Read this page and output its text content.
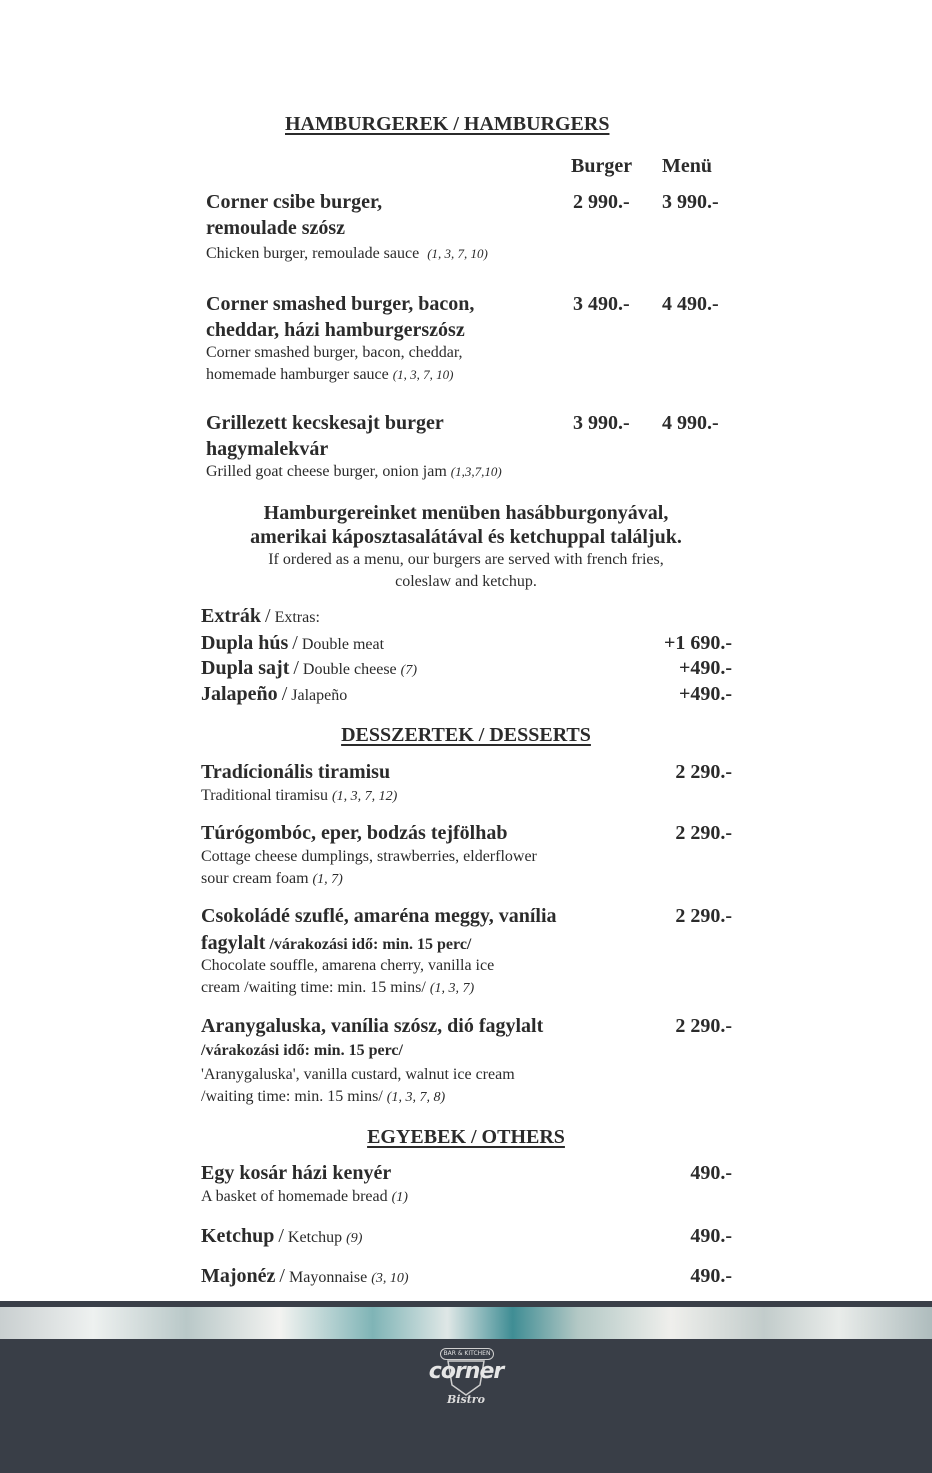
HAMBURGEREK / HAMBURGERS
Burger Menü
Corner csibe burger,
remoulade szósz
Chicken burger, remoulade sauce (1, 3, 7, 10)
2 990.- 3 990.-
Corner smashed burger, bacon,
cheddar, házi hamburgerszósz
Corner smashed burger, bacon, cheddar,
homemade hamburger sauce (1, 3, 7, 10)
3 490.- 4 490.-
Grillezett kecskesajt burger
hagymalekvár
Grilled goat cheese burger, onion jam (1,3,7,10)
3 990.- 4 990.-
Hamburgereinket menüben hasábburgonyával,
amerikai káposztasalátával és ketchuppal találjuk.
If ordered as a menu, our burgers are served with french fries,
coleslaw and ketchup.
Extrák / Extras:
Dupla hús / Double meat	+1 690.-
Dupla sajt / Double cheese (7)	+490.-
Jalapeño / Jalapeño	+490.-
DESSZERTEK / DESSERTS
Tradícionális tiramisu
Traditional tiramisu (1, 3, 7, 12)
2 290.-
Túrógombóc, eper, bodzás tejfölhab
Cottage cheese dumplings, strawberries, elderflower
sour cream foam (1, 7)
2 290.-
Csokoládé szuflé, amaréna meggy, vanília
fagylalt /várakozási idő: min. 15 perc/
Chocolate souffle, amarena cherry, vanilla ice
cream /waiting time: min. 15 mins/ (1, 3, 7)
2 290.-
Aranygaluska, vanília szósz, dió fagylalt
/várakozási idő: min. 15 perc/
'Aranygaluska', vanilla custard, walnut ice cream
/waiting time: min. 15 mins/ (1, 3, 7, 8)
2 290.-
EGYEBEK / OTHERS
Egy kosár házi kenyér
A basket of homemade bread (1)
490.-
Ketchup / Ketchup (9)	490.-
Majonéz / Mayonnaise (3, 10)	490.-
BAR & KITCHEN
corner
Bistro
